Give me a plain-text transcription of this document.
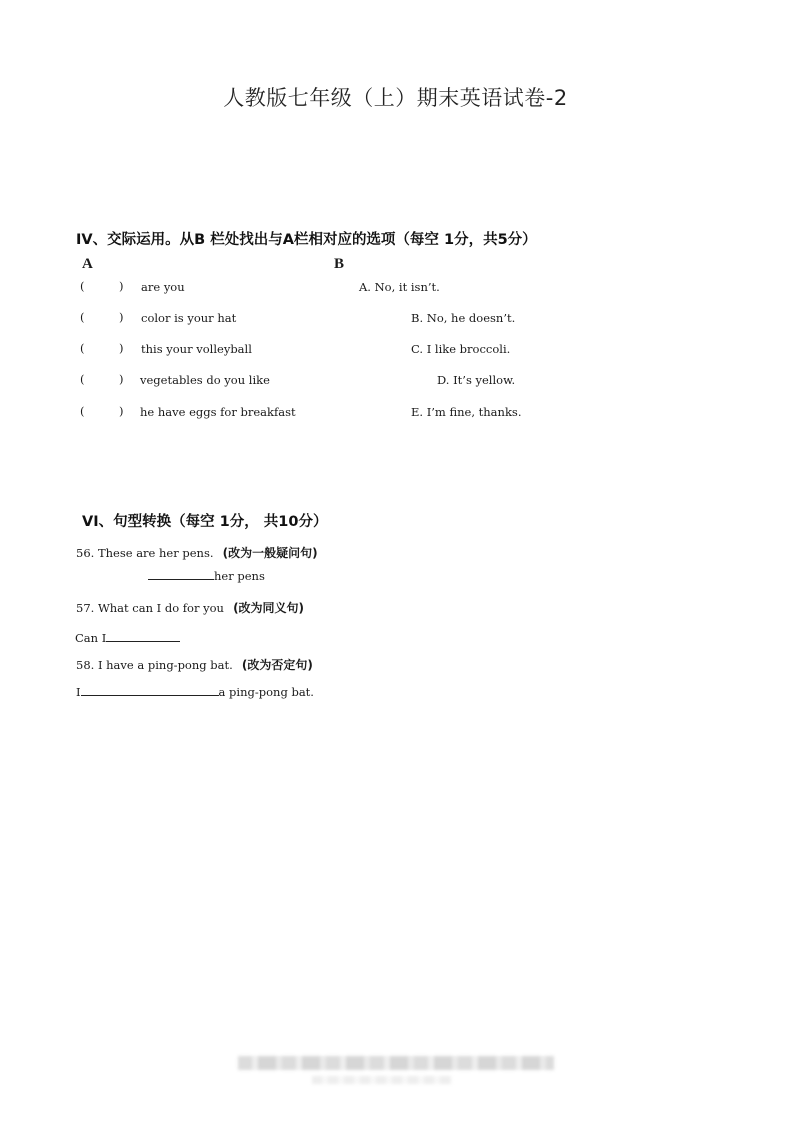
人教版七年级（上）期末英语试卷-2
IV、交际运用。从B 栏处找出与A栏相对应的选项（每空 1分，共5分）
A	B
(	) are you	A. No, it isn’t.
(	) color is your hat	B. No, he doesn’t.
(	) this your volleyball	C. I like broccoli.
(	) vegetables do you like	D. It’s yellow.
(	) he have eggs for breakfast	E. I’m fine, thanks.
VI、句型转换（每空 1分， 共10分）
56. These are her pens. (改为一般疑问句)
her pens
57. What can I do for you (改为同义句)
Can I
58. I have a ping-pong bat. (改为否定句)
I	a ping-pong bat.
